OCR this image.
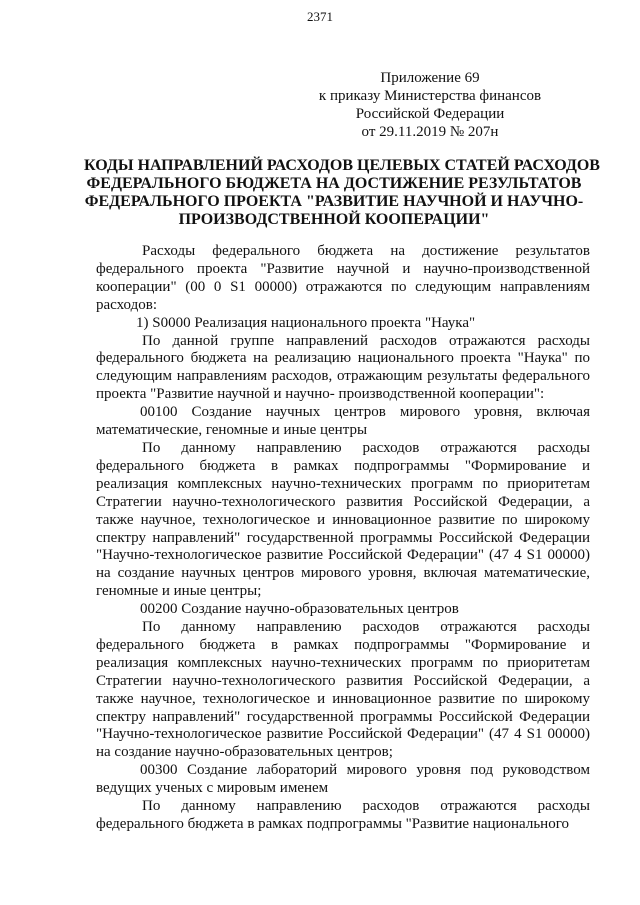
2371
Приложение 69
к приказу Министерства финансов
Российской Федерации
от 29.11.2019 № 207н
КОДЫ НАПРАВЛЕНИЙ РАСХОДОВ ЦЕЛЕВЫХ СТАТЕЙ РАСХОДОВ
ФЕДЕРАЛЬНОГО БЮДЖЕТА НА ДОСТИЖЕНИЕ РЕЗУЛЬТАТОВ
ФЕДЕРАЛЬНОГО ПРОЕКТА "РАЗВИТИЕ НАУЧНОЙ И НАУЧНО-
ПРОИЗВОДСТВЕННОЙ КООПЕРАЦИИ"

Расходы федерального бюджета на достижение результатов федерального проекта "Развитие научной и научно-производственной кооперации" (00 0 S1 00000) отражаются по следующим направлениям расходов:

1) S0000 Реализация национального проекта "Наука"

По данной группе направлений расходов отражаются расходы федерального бюджета на реализацию национального проекта "Наука" по следующим направлениям расходов, отражающим результаты федерального проекта "Развитие научной и научно- производственной кооперации":

00100 Создание научных центров мирового уровня, включая математические, геномные и иные центры

По данному направлению расходов отражаются расходы федерального бюджета в рамках подпрограммы "Формирование и реализация комплексных научно-технических программ по приоритетам Стратегии научно-технологического развития Российской Федерации, а также научное, технологическое и инновационное развитие по широкому спектру направлений" государственной программы Российской Федерации "Научно-технологическое развитие Российской Федерации" (47 4 S1 00000) на создание научных центров мирового уровня, включая математические, геномные и иные центры;

00200 Создание научно-образовательных центров

По данному направлению расходов отражаются расходы федерального бюджета в рамках подпрограммы "Формирование и реализация комплексных научно-технических программ по приоритетам Стратегии научно-технологического развития Российской Федерации, а также научное, технологическое и инновационное развитие по широкому спектру направлений" государственной программы Российской Федерации "Научно-технологическое развитие Российской Федерации" (47 4 S1 00000) на создание научно-образовательных центров;

00300 Создание лабораторий мирового уровня под руководством ведущих ученых с мировым именем

По данному направлению расходов отражаются расходы федерального бюджета в рамках подпрограммы "Развитие национального
